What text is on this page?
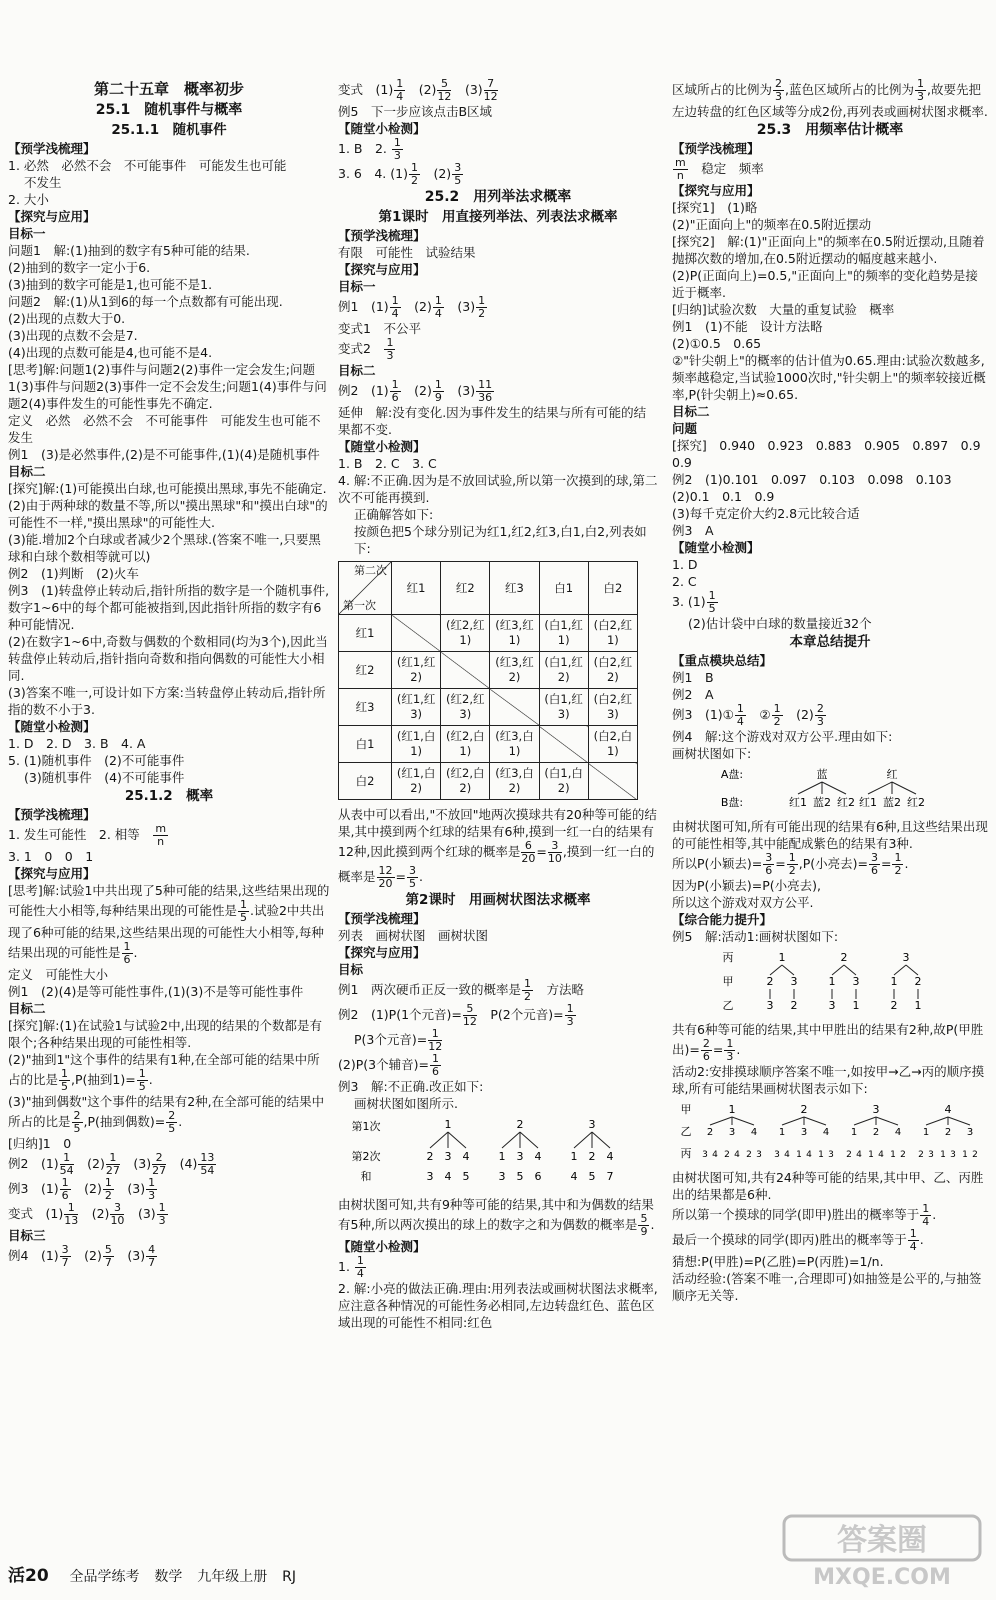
第二十五章　概率初步
25.1　随机事件与概率
25.1.1　随机事件

【预学浅梳理】

1. 必然　必然不会　不可能事件　可能发生也可能

不发生

2. 大小

【探究与应用】

目标一

问题1　解:(1)抽到的数字有5种可能的结果.

(2)抽到的数字一定小于6.

(3)抽到的数字可能是1,也可能不是1.

问题2　解:(1)从1到6的每一个点数都有可能出现.

(2)出现的点数大于0.

(3)出现的点数不会是7.

(4)出现的点数可能是4,也可能不是4.

[思考]解:问题1(2)事件与问题2(2)事件一定会发生;问题1(3)事件与问题2(3)事件一定不会发生;问题1(4)事件与问题2(4)事件发生的可能性事先不确定.

定义　必然　必然不会　不可能事件　可能发生也可能不发生

例1　(3)是必然事件,(2)是不可能事件,(1)(4)是随机事件

目标二

[探究]解:(1)可能摸出白球,也可能摸出黑球,事先不能确定.

(2)由于两种球的数量不等,所以"摸出黑球"和"摸出白球"的可能性不一样,"摸出黑球"的可能性大.

(3)能.增加2个白球或者减少2个黑球.(答案不唯一,只要黑球和白球个数相等就可以)

例2　(1)判断　(2)火车

例3　(1)转盘停止转动后,指针所指的数字是一个随机事件,数字1~6中的每个都可能被指到,因此指针所指的数字有6种可能情况.

(2)在数字1~6中,奇数与偶数的个数相同(均为3个),因此当转盘停止转动后,指针指向奇数和指向偶数的可能性大小相同.

(3)答案不唯一,可设计如下方案:当转盘停止转动后,指针所指的数不小于3.

【随堂小检测】

1. D　2. D　3. B　4. A

5. (1)随机事件　(2)不可能事件

(3)随机事件　(4)不可能事件

25.1.2　概率

【预学浅梳理】

1. 发生可能性　2. 相等　 $\frac{m}{n}$

3. 1　0　0　1

【探究与应用】

[思考]解:试验1中共出现了5种可能的结果,这些结果出现的可能性大小相等,每种结果出现的可能性是 $\frac{1}{5}$ .试验2中共出现了6种可能的结果,这些结果出现的可能性大小相等,每种结果出现的可能性是 $\frac{1}{6}$ .

定义　可能性大小

例1　(2)(4)是等可能性事件,(1)(3)不是等可能性事件

目标二

[探究]解:(1)在试验1与试验2中,出现的结果的个数都是有限个;各种结果出现的可能性相等.

(2)"抽到1"这个事件的结果有1种,在全部可能的结果中所占的比是 $\frac{1}{5} ,P$(抽到$1)= \frac{1}{5}$ .

(3)"抽到偶数"这个事件的结果有2种,在全部可能的结果中所占的比是 $\frac{2}{5} ,P$(抽到偶数)= $\frac{2}{5}$ .

[归纳]1　0

例2　$(1) \frac{1}{54}$ 　$(2) \frac{1}{27}$ 　$(3) \frac{2}{27}$ 　$(4) \frac{13}{54}$

例3　$(1) \frac{1}{6}$ 　$(2) \frac{1}{2}$ 　$(3) \frac{1}{3}$

变式　$(1) \frac{1}{13}$ 　$(2) \frac{3}{10}$ 　$(3) \frac{1}{3}$

目标三

例4　$(1) \frac{3}{7}$ 　$(2) \frac{5}{7}$ 　$(3) \frac{4}{7}$

变式　$(1) \frac{1}{4}$ 　$(2) \frac{5}{12}$ 　$(3) \frac{7}{12}$

例5　下一步应该点击B区域

【随堂小检测】

1. B　2. $\frac{1}{3}$

3. 6　4. $(1) \frac{1}{2}$ 　$(2) \frac{3}{5}$

25.2　用列举法求概率
第1课时　用直接列举法、列表法求概率

【预学浅梳理】

有限　可能性　试验结果

【探究与应用】

目标一

例1　$(1) \frac{1}{4}$ 　$(2) \frac{1}{4}$ 　$(3) \frac{1}{2}$

变式1　不公平

变式2　 $\frac{1}{3}$

目标二

例2　$(1) \frac{1}{6}$ 　$(2) \frac{1}{9}$ 　$(3) \frac{11}{36}$

延伸　解:没有变化.因为事件发生的结果与所有可能的结果都不变.

【随堂小检测】

1. B　2. C　3. C

4. 解:不正确.因为是不放回试验,所以第一次摸到的球,第二次不可能再摸到.

正确解答如下:

按颜色把5个球分别记为红1,红2,红3,白1,白2,列表如下:

第二次
第一次	红1	红2	红3	白1	白2
红1		(红2,红1)	(红3,红1)	(白1,红1)	(白2,红1)
红2	(红1,红2)		(红3,红2)	(白1,红2)	(白2,红2)
红3	(红1,红3)	(红2,红3)		(白1,红3)	(白2,红3)
白1	(红1,白1)	(红2,白1)	(红3,白1)		(白2,白1)
白2	(红1,白2)	(红2,白2)	(红3,白2)	(白1,白2)	

从表中可以看出,"不放回"地两次摸球共有20种等可能的结果,其中摸到两个红球的结果有6种,摸到一红一白的结果有12种,因此摸到两个红球的概率是 $\frac{6}{20} = \frac{3}{10}$ ,摸到一红一白的概率是 $\frac{12}{20} = \frac{3}{5}$ .

第2课时　用画树状图法求概率

【预学浅梳理】

列表　画树状图　画树状图

【探究与应用】

目标

例1　两次硬币正反一致的概率是 $\frac{1}{2}$ 　方法略

例2　(1)P(1个元音)= $\frac{5}{12}$ 　P(2个元音)= $\frac{1}{3}$

P(3个元音)= $\frac{1}{12}$

(2)P(3个辅音)= $\frac{1}{6}$

例3　解:不正确.改正如下:

画树状图如图所示.

第1次
第2次
和
1
2
3
3
4
4
5
2
1
3
3
5
4
6
3
1
4
2
5
4
7

由树状图可知,共有9种等可能的结果,其中和为偶数的结果有5种,所以两次摸出的球上的数字之和为偶数的概率是 $\frac{5}{9}$ .

【随堂小检测】

1. $\frac{1}{4}$

2. 解:小亮的做法正确.理由:用列表法或画树状图法求概率,应注意各种情况的可能性务必相同,左边转盘红色、蓝色区域出现的可能性不相同:红色

区域所占的比例为 $\frac{2}{3}$ ,蓝色区域所占的比例为 $\frac{1}{3}$ ,故要先把左边转盘的红色区域等分成2份,再列表或画树状图求概率.

25.3　用频率估计概率

【预学浅梳理】

$\frac{m}{n}$ 　稳定　频率

【探究与应用】

[探究1]　(1)略

(2)"正面向上"的频率在0.5附近摆动

[探究2]　解:(1)"正面向上"的频率在0.5附近摆动,且随着抛掷次数的增加,在0.5附近摆动的幅度越来越小.

(2)P(正面向上)=0.5,"正面向上"的频率的变化趋势是接近于概率.

[归纳]试验次数　大量的重复试验　概率

例1　(1)不能　设计方法略

(2)①0.5　0.65

②"针尖朝上"的概率的估计值为0.65.理由:试验次数越多,频率越稳定,当试验1000次时,"针尖朝上"的频率较接近概率,P(针尖朝上)≈0.65.

目标二

问题

[探究]　0.940　0.923　0.883　0.905　0.897　0.9　0.9

例2　(1)0.101　0.097　0.103　0.098　0.103

(2)0.1　0.1　0.9

(3)每千克定价大约2.8元比较合适

例3　A

【随堂小检测】

1. D

2. C

3. $(1) \frac{1}{5}$

(2)估计袋中白球的数量接近32个

本章总结提升

【重点模块总结】

例1　B

例2　A

例3　(1)① $\frac{1}{4}$ 　② $\frac{1}{2}$ 　$(2) \frac{2}{3}$

例4　解:这个游戏对双方公平.理由如下:

画树状图如下:

A盘:
B盘:
蓝
红1 蓝2 红2
红
红1 蓝2 红2

由树状图可知,所有可能出现的结果有6种,且这些结果出现的可能性相等,其中能配成紫色的结果有3种.

所以P(小颖去)= $\frac{3}{6} = \frac{1}{2} ,P$(小亮去)= $\frac{3}{6} = \frac{1}{2}$ .

因为P(小颖去)=P(小亮去),

所以这个游戏对双方公平.

【综合能力提升】

例5　解:活动1:画树状图如下:

丙
甲
乙
1
2
3
3
2
2
1
3
3
1
3
1
2
2
1

共有6种等可能的结果,其中甲胜出的结果有2种,故P(甲胜出)= $\frac{2}{6} = \frac{1}{3}$ .

活动2:安排摸球顺序答案不唯一,如按甲→乙→丙的顺序摸球,所有可能结果画树状图表示如下:

甲
乙
丙
1
2
3 4
3
2 4
4
2 3
2
1
3 4
3
1 4
4
1 3
3
1
2 4
2
1 4
4
1 2
4
1
2 3
2
1 3
3
1 2

由树状图可知,共有24种等可能的结果,其中甲、乙、丙胜出的结果都是6种.

所以第一个摸球的同学(即甲)胜出的概率等于 $\frac{1}{4}$ .

最后一个摸球的同学(即丙)胜出的概率等于 $\frac{1}{4}$ .

猜想:P(甲胜)=P(乙胜)=P(丙胜)=1/n.

活动经验:(答案不唯一,合理即可)如抽签是公平的,与抽签顺序无关等.

活20 全品学练考 数学 九年级上册 RJ
答案圈
MXQE.COM
